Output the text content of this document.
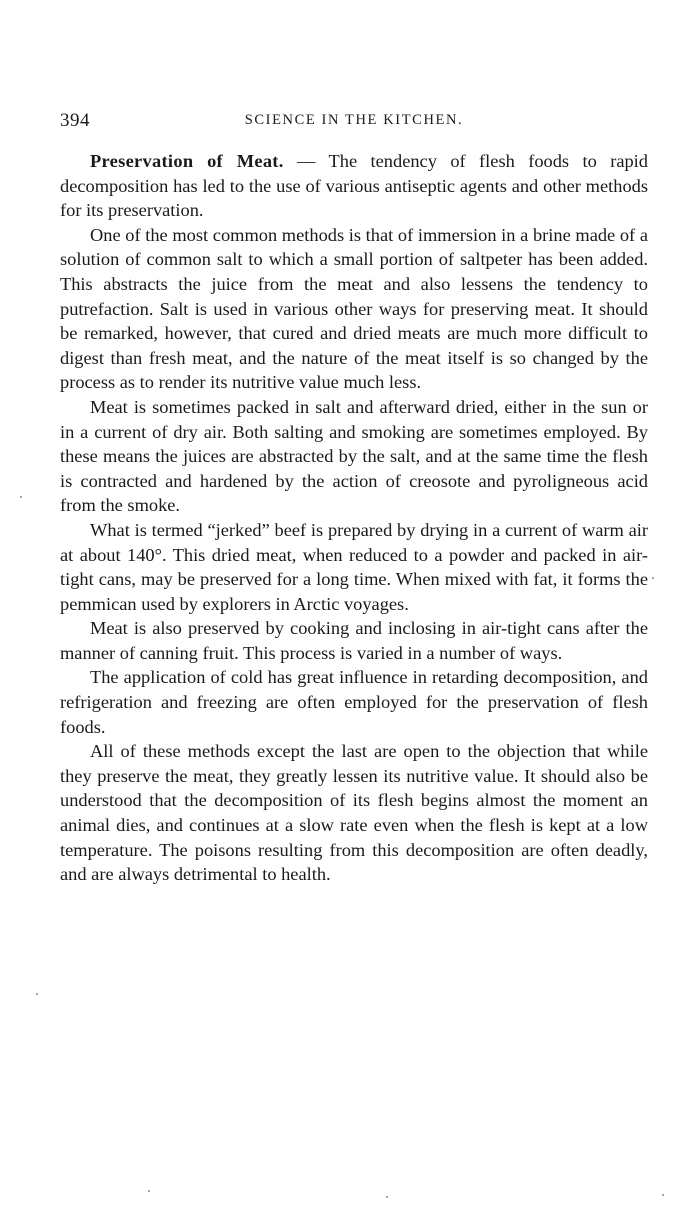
394	SCIENCE IN THE KITCHEN.

Preservation of Meat. — The tendency of flesh foods to rapid decomposition has led to the use of various antiseptic agents and other methods for its preservation.

One of the most common methods is that of immersion in a brine made of a solution of common salt to which a small portion of saltpeter has been added. This abstracts the juice from the meat and also lessens the tendency to putrefaction. Salt is used in various other ways for preserving meat. It should be remarked, however, that cured and dried meats are much more difficult to digest than fresh meat, and the nature of the meat itself is so changed by the process as to render its nutritive value much less.

Meat is sometimes packed in salt and afterward dried, either in the sun or in a current of dry air. Both salting and smoking are sometimes employed. By these means the juices are abstracted by the salt, and at the same time the flesh is contracted and hardened by the action of creosote and pyroligneous acid from the smoke.

What is termed “jerked” beef is prepared by drying in a current of warm air at about 140°. This dried meat, when reduced to a powder and packed in air-tight cans, may be preserved for a long time. When mixed with fat, it forms the pemmican used by explorers in Arctic voyages.

Meat is also preserved by cooking and inclosing in air-tight cans after the manner of canning fruit. This process is varied in a number of ways.

The application of cold has great influence in retarding decomposition, and refrigeration and freezing are often employed for the preservation of flesh foods.

All of these methods except the last are open to the objection that while they preserve the meat, they greatly lessen its nutritive value. It should also be understood that the decomposition of its flesh begins almost the moment an animal dies, and continues at a slow rate even when the flesh is kept at a low temperature. The poisons resulting from this decomposition are often deadly, and are always detrimental to health.
